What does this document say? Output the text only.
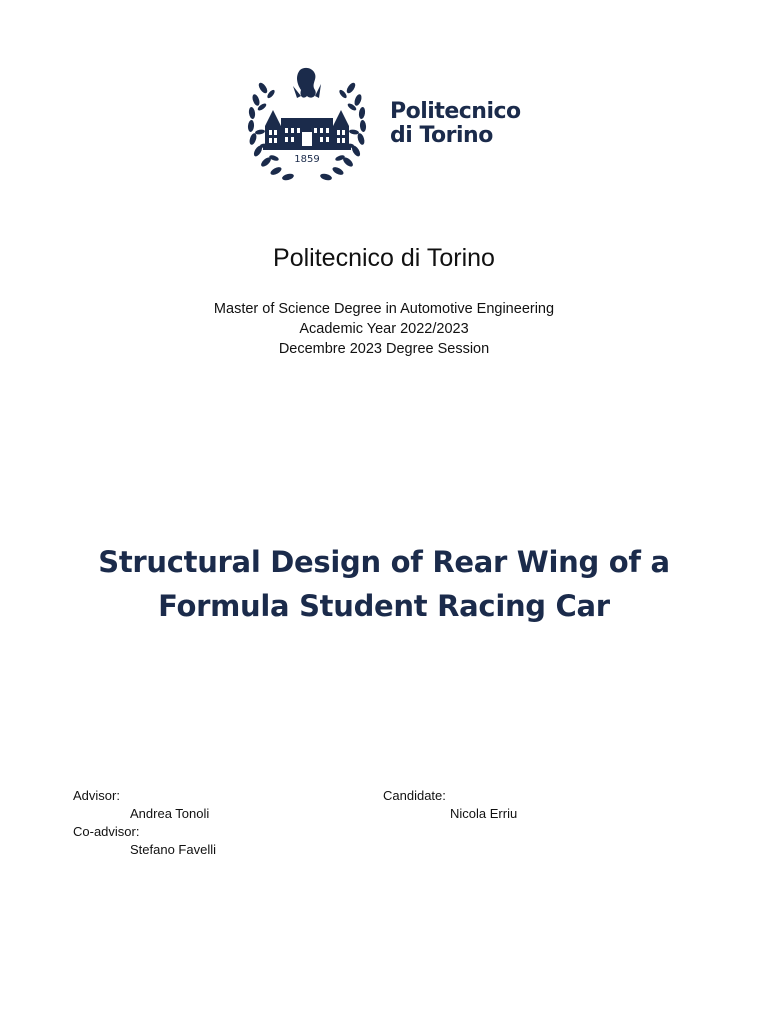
1859
Politecnico
di Torino
Politecnico di Torino
Master of Science Degree in Automotive Engineering
Academic Year 2022/2023
Decembre 2023 Degree Session
Structural Design of Rear Wing of a
Formula Student Racing Car
Advisor:
Andrea Tonoli
Co-advisor:
Stefano Favelli
Candidate:
Nicola Erriu
